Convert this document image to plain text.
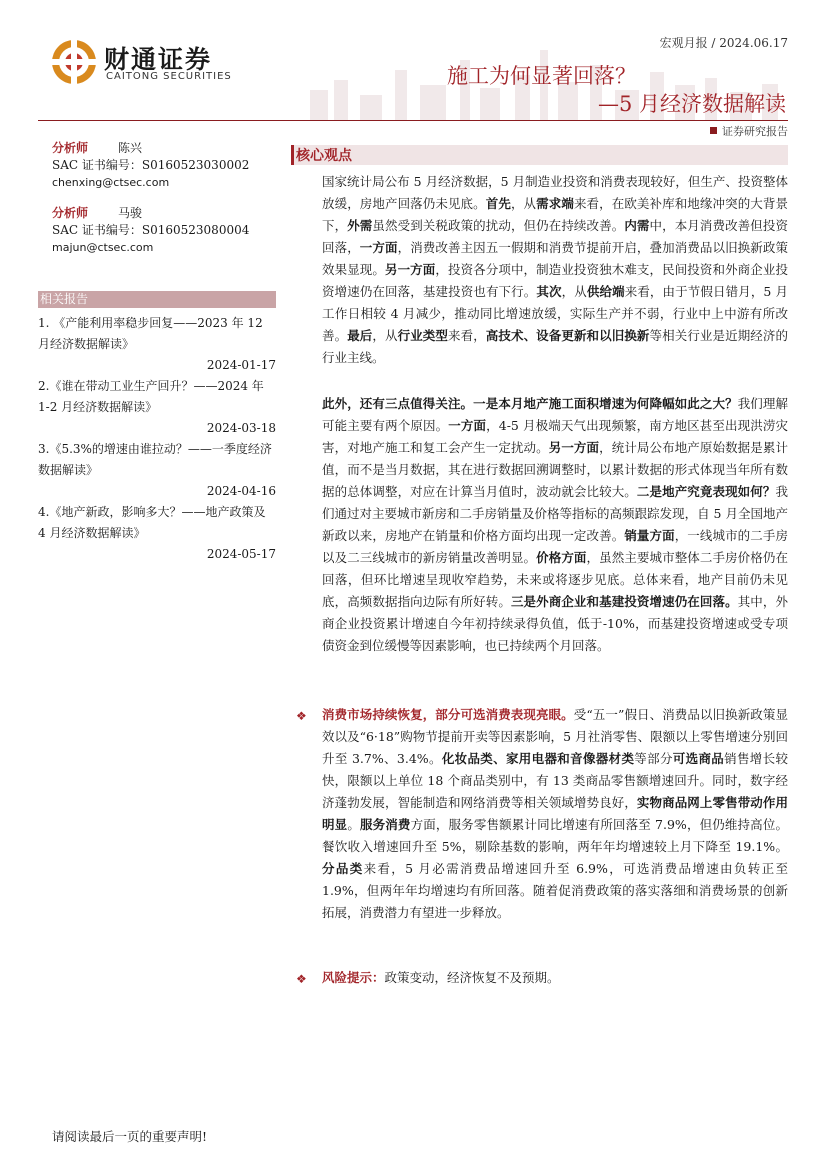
财通证券
CAITONG SECURITIES
宏观月报 / 2024.06.17
施工为何显著回落？
—5 月经济数据解读
证券研究报告
分析师 陈兴
SAC 证书编号：S0160523030002
chenxing@ctsec.com
分析师 马骏
SAC 证书编号：S0160523080004
majun@ctsec.com
相关报告
1. 《产能利用率稳步回复——2023 年 12 月经济数据解读》
2024-01-17
2.《谁在带动工业生产回升？——2024 年 1-2 月经济数据解读》
2024-03-18
3.《5.3%的增速由谁拉动？——一季度经济数据解读》
2024-04-16
4.《地产新政，影响多大？——地产政策及 4 月经济数据解读》
2024-05-17
核心观点

国家统计局公布 5 月经济数据，5 月制造业投资和消费表现较好，但生产、投资整体放缓，房地产回落仍未见底。首先，从需求端来看，在欧美补库和地缘冲突的大背景下，外需虽然受到关税政策的扰动，但仍在持续改善。内需中，本月消费改善但投资回落，一方面，消费改善主因五一假期和消费节提前开启，叠加消费品以旧换新政策效果显现。另一方面，投资各分项中，制造业投资独木难支，民间投资和外商企业投资增速仍在回落，基建投资也有下行。其次，从供给端来看，由于节假日错月，5 月工作日相较 4 月减少，推动同比增速放缓，实际生产并不弱，行业中上中游有所改善。最后，从行业类型来看，高技术、设备更新和以旧换新等相关行业是近期经济的行业主线。

此外，还有三点值得关注。一是本月地产施工面积增速为何降幅如此之大？我们理解可能主要有两个原因。一方面，4-5 月极端天气出现频繁，南方地区甚至出现洪涝灾害，对地产施工和复工会产生一定扰动。另一方面，统计局公布地产原始数据是累计值，而不是当月数据，其在进行数据回溯调整时，以累计数据的形式体现当年所有数据的总体调整，对应在计算当月值时，波动就会比较大。二是地产究竟表现如何？我们通过对主要城市新房和二手房销量及价格等指标的高频跟踪发现，自 5 月全国地产新政以来，房地产在销量和价格方面均出现一定改善。销量方面，一线城市的二手房以及二三线城市的新房销量改善明显。价格方面，虽然主要城市整体二手房价格仍在回落，但环比增速呈现收窄趋势，未来或将逐步见底。总体来看，地产目前仍未见底，高频数据指向边际有所好转。三是外商企业和基建投资增速仍在回落。其中，外商企业投资累计增速自今年初持续录得负值，低于-10%，而基建投资增速或受专项债资金到位缓慢等因素影响，也已持续两个月回落。

❖ 消费市场持续恢复，部分可选消费表现亮眼。受“五一”假日、消费品以旧换新政策显效以及“6·18”购物节提前开卖等因素影响，5 月社消零售、限额以上零售增速分别回升至 3.7%、3.4%。化妆品类、家用电器和音像器材类等部分可选商品销售增长较快，限额以上单位 18 个商品类别中，有 13 类商品零售额增速回升。同时，数字经济蓬勃发展，智能制造和网络消费等相关领域增势良好，实物商品网上零售带动作用明显。服务消费方面，服务零售额累计同比增速有所回落至 7.9%，但仍维持高位。餐饮收入增速回升至 5%，剔除基数的影响，两年年均增速较上月下降至 19.1%。分品类来看，5 月必需消费品增速回升至 6.9%，可选消费品增速由负转正至 1.9%，但两年年均增速均有所回落。随着促消费政策的落实落细和消费场景的创新拓展，消费潜力有望进一步释放。

❖ 风险提示：政策变动，经济恢复不及预期。

请阅读最后一页的重要声明!
